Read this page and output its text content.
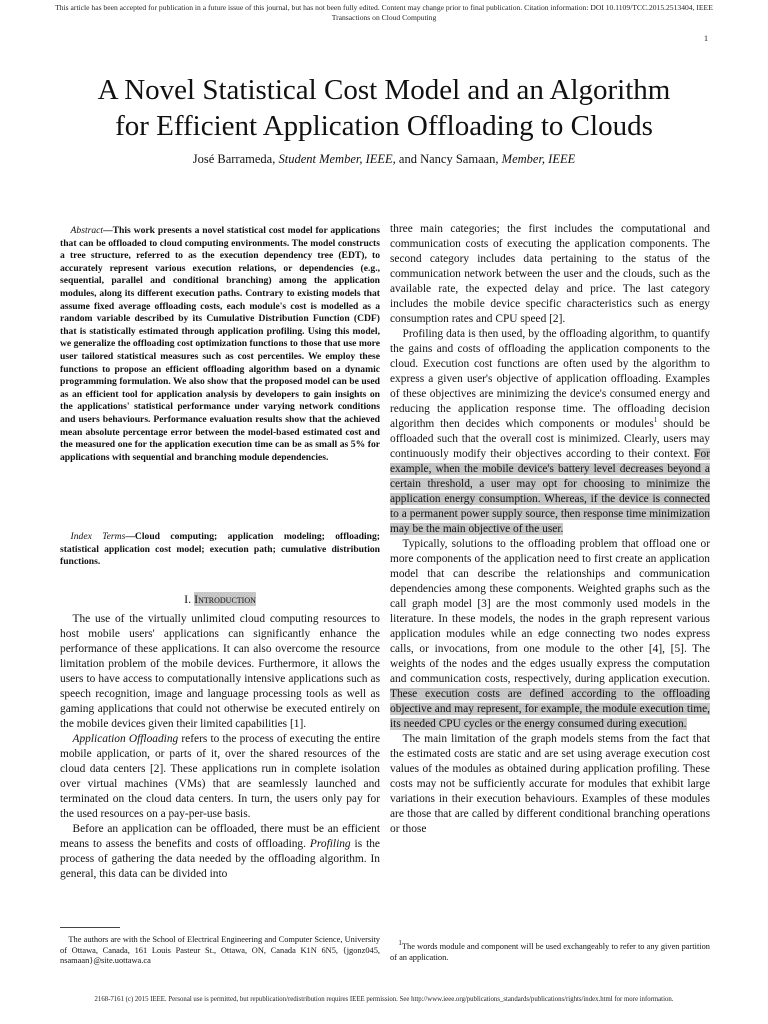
This article has been accepted for publication in a future issue of this journal, but has not been fully edited. Content may change prior to final publication. Citation information: DOI 10.1109/TCC.2015.2513404, IEEE
Transactions on Cloud Computing
1
A Novel Statistical Cost Model and an Algorithm
for Efficient Application Offloading to Clouds
José Barrameda, Student Member, IEEE, and Nancy Samaan, Member, IEEE
Abstract—This work presents a novel statistical cost model for applications that can be offloaded to cloud computing environments. The model constructs a tree structure, referred to as the execution dependency tree (EDT), to accurately represent various execution relations, or dependencies (e.g., sequential, parallel and conditional branching) among the application modules, along its different execution paths. Contrary to existing models that assume fixed average offloading costs, each module's cost is modelled as a random variable described by its Cumulative Distribution Function (CDF) that is statistically estimated through application profiling. Using this model, we generalize the offloading cost optimization functions to those that use more user tailored statistical measures such as cost percentiles. We employ these functions to propose an efficient offloading algorithm based on a dynamic programming formulation. We also show that the proposed model can be used as an efficient tool for application analysis by developers to gain insights on the applications' statistical performance under varying network conditions and users behaviours. Performance evaluation results show that the achieved mean absolute percentage error between the model-based estimated cost and the measured one for the application execution time can be as small as 5% for applications with sequential and branching module dependencies.
Index Terms—Cloud computing; application modeling; offloading; statistical application cost model; execution path; cumulative distribution functions.
I. Introduction

The use of the virtually unlimited cloud computing resources to host mobile users' applications can significantly enhance the performance of these applications. It can also overcome the resource limitation problem of the mobile devices. Furthermore, it allows the users to have access to computationally intensive applications such as speech recognition, image and language processing tools as well as gaming applications that could not otherwise be executed entirely on the mobile devices given their limited capabilities [1].

Application Offloading refers to the process of executing the entire mobile application, or parts of it, over the shared resources of the cloud data centers [2]. These applications run in complete isolation over virtual machines (VMs) that are seamlessly launched and terminated on the cloud data centers. In turn, the users only pay for the used resources on a pay-per-use basis.

Before an application can be offloaded, there must be an efficient means to assess the benefits and costs of offloading. Profiling is the process of gathering the data needed by the offloading algorithm. In general, this data can be divided into

three main categories; the first includes the computational and communication costs of executing the application components. The second category includes data pertaining to the status of the communication network between the user and the clouds, such as the available rate, the expected delay and price. The last category includes the mobile device specific characteristics such as energy consumption rates and CPU speed [2].

Profiling data is then used, by the offloading algorithm, to quantify the gains and costs of offloading the application components to the cloud. Execution cost functions are often used by the algorithm to express a given user's objective of application offloading. Examples of these objectives are minimizing the device's consumed energy and reducing the application response time. The offloading decision algorithm then decides which components or modules$^1$ should be offloaded such that the overall cost is minimized. Clearly, users may continuously modify their objectives according to their context. For example, when the mobile device's battery level decreases beyond a certain threshold, a user may opt for choosing to minimize the application energy consumption. Whereas, if the device is connected to a permanent power supply source, then response time minimization may be the main objective of the user.

Typically, solutions to the offloading problem that offload one or more components of the application need to first create an application model that can describe the relationships and communication dependencies among these components. Weighted graphs such as the call graph model [3] are the most commonly used models in the literature. In these models, the nodes in the graph represent various application modules while an edge connecting two nodes express calls, or invocations, from one module to the other [4], [5]. The weights of the nodes and the edges usually express the computation and communication costs, respectively, during application execution. These execution costs are defined according to the offloading objective and may represent, for example, the module execution time, its needed CPU cycles or the energy consumed during execution.

The main limitation of the graph models stems from the fact that the estimated costs are static and are set using average execution cost values of the modules as obtained during application profiling. These costs may not be sufficiently accurate for modules that exhibit large variations in their execution behaviours. Examples of these modules are those that are called by different conditional branching operations or those

The authors are with the School of Electrical Engineering and Computer Science, University of Ottawa, Canada, 161 Louis Pasteur St., Ottawa, ON, Canada K1N 6N5, {jgonz045, nsamaan}@site.uottawa.ca
$^1$The words module and component will be used exchangeably to refer to any given partition of an application.
2168-7161 (c) 2015 IEEE. Personal use is permitted, but republication/redistribution requires IEEE permission. See http://www.ieee.org/publications_standards/publications/rights/index.html for more information.
